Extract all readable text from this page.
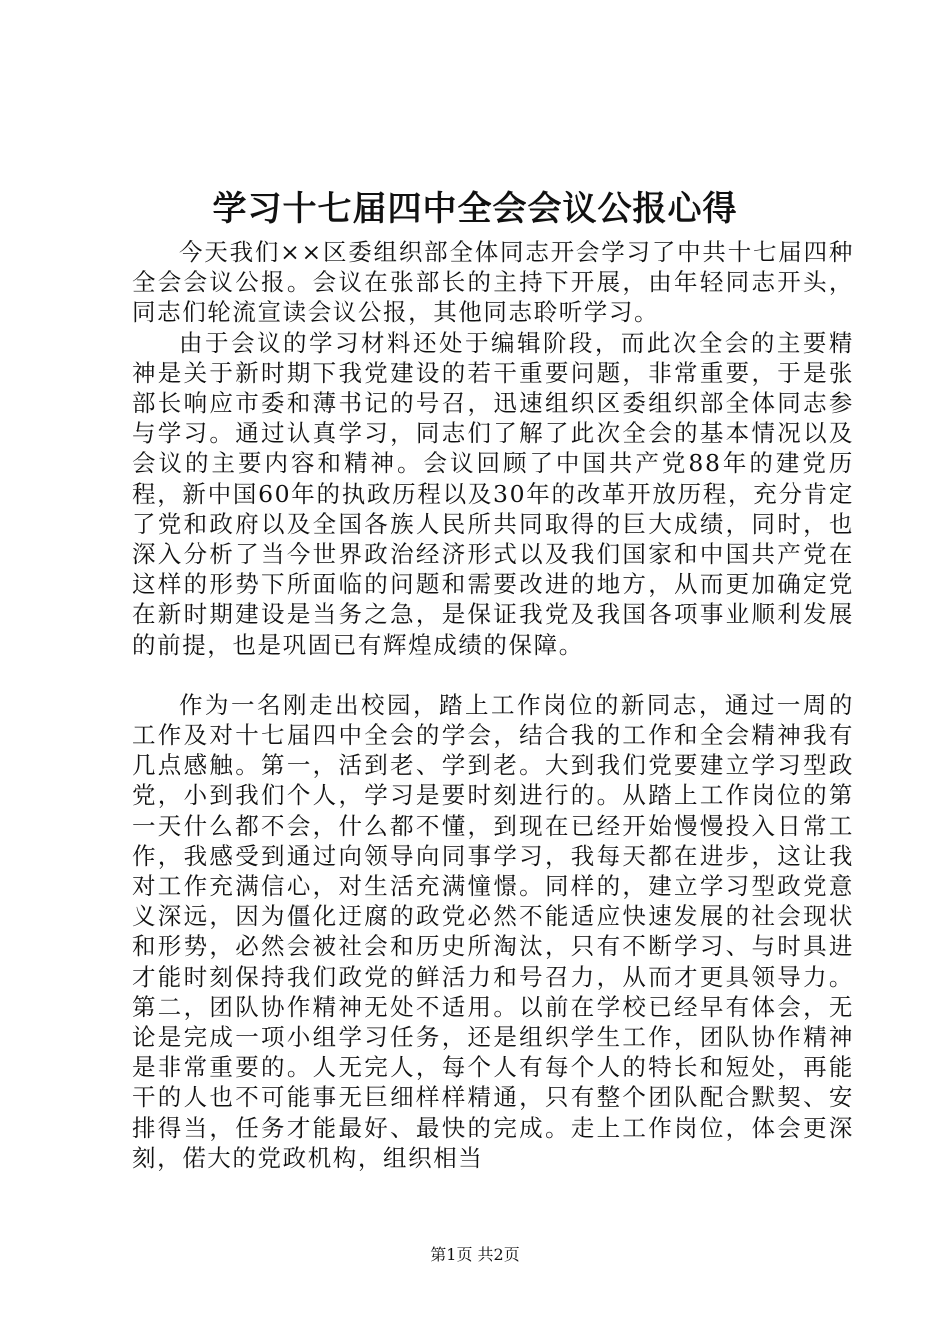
学习十七届四中全会会议公报心得

今天我们××区委组织部全体同志开会学习了中共十七届四种全会会议公报。会议在张部长的主持下开展，由年轻同志开头，同志们轮流宣读会议公报，其他同志聆听学习。

由于会议的学习材料还处于编辑阶段，而此次全会的主要精神是关于新时期下我党建设的若干重要问题，非常重要，于是张部长响应市委和薄书记的号召，迅速组织区委组织部全体同志参与学习。通过认真学习，同志们了解了此次全会的基本情况以及会议的主要内容和精神。会议回顾了中国共产党88年的建党历程，新中国60年的执政历程以及30年的改革开放历程，充分肯定了党和政府以及全国各族人民所共同取得的巨大成绩，同时，也深入分析了当今世界政治经济形式以及我们国家和中国共产党在这样的形势下所面临的问题和需要改进的地方，从而更加确定党在新时期建设是当务之急，是保证我党及我国各项事业顺利发展的前提，也是巩固已有辉煌成绩的保障。

作为一名刚走出校园，踏上工作岗位的新同志，通过一周的工作及对十七届四中全会的学会，结合我的工作和全会精神我有几点感触。第一，活到老、学到老。大到我们党要建立学习型政党，小到我们个人，学习是要时刻进行的。从踏上工作岗位的第一天什么都不会，什么都不懂，到现在已经开始慢慢投入日常工作，我感受到通过向领导向同事学习，我每天都在进步，这让我对工作充满信心，对生活充满憧憬。同样的，建立学习型政党意义深远，因为僵化迂腐的政党必然不能适应快速发展的社会现状和形势，必然会被社会和历史所淘汰，只有不断学习、与时具进才能时刻保持我们政党的鲜活力和号召力，从而才更具领导力。第二，团队协作精神无处不适用。以前在学校已经早有体会，无论是完成一项小组学习任务，还是组织学生工作，团队协作精神是非常重要的。人无完人，每个人有每个人的特长和短处，再能干的人也不可能事无巨细样样精通，只有整个团队配合默契、安排得当，任务才能最好、最快的完成。走上工作岗位，体会更深刻，偌大的党政机构，组织相当

第1页 共2页
